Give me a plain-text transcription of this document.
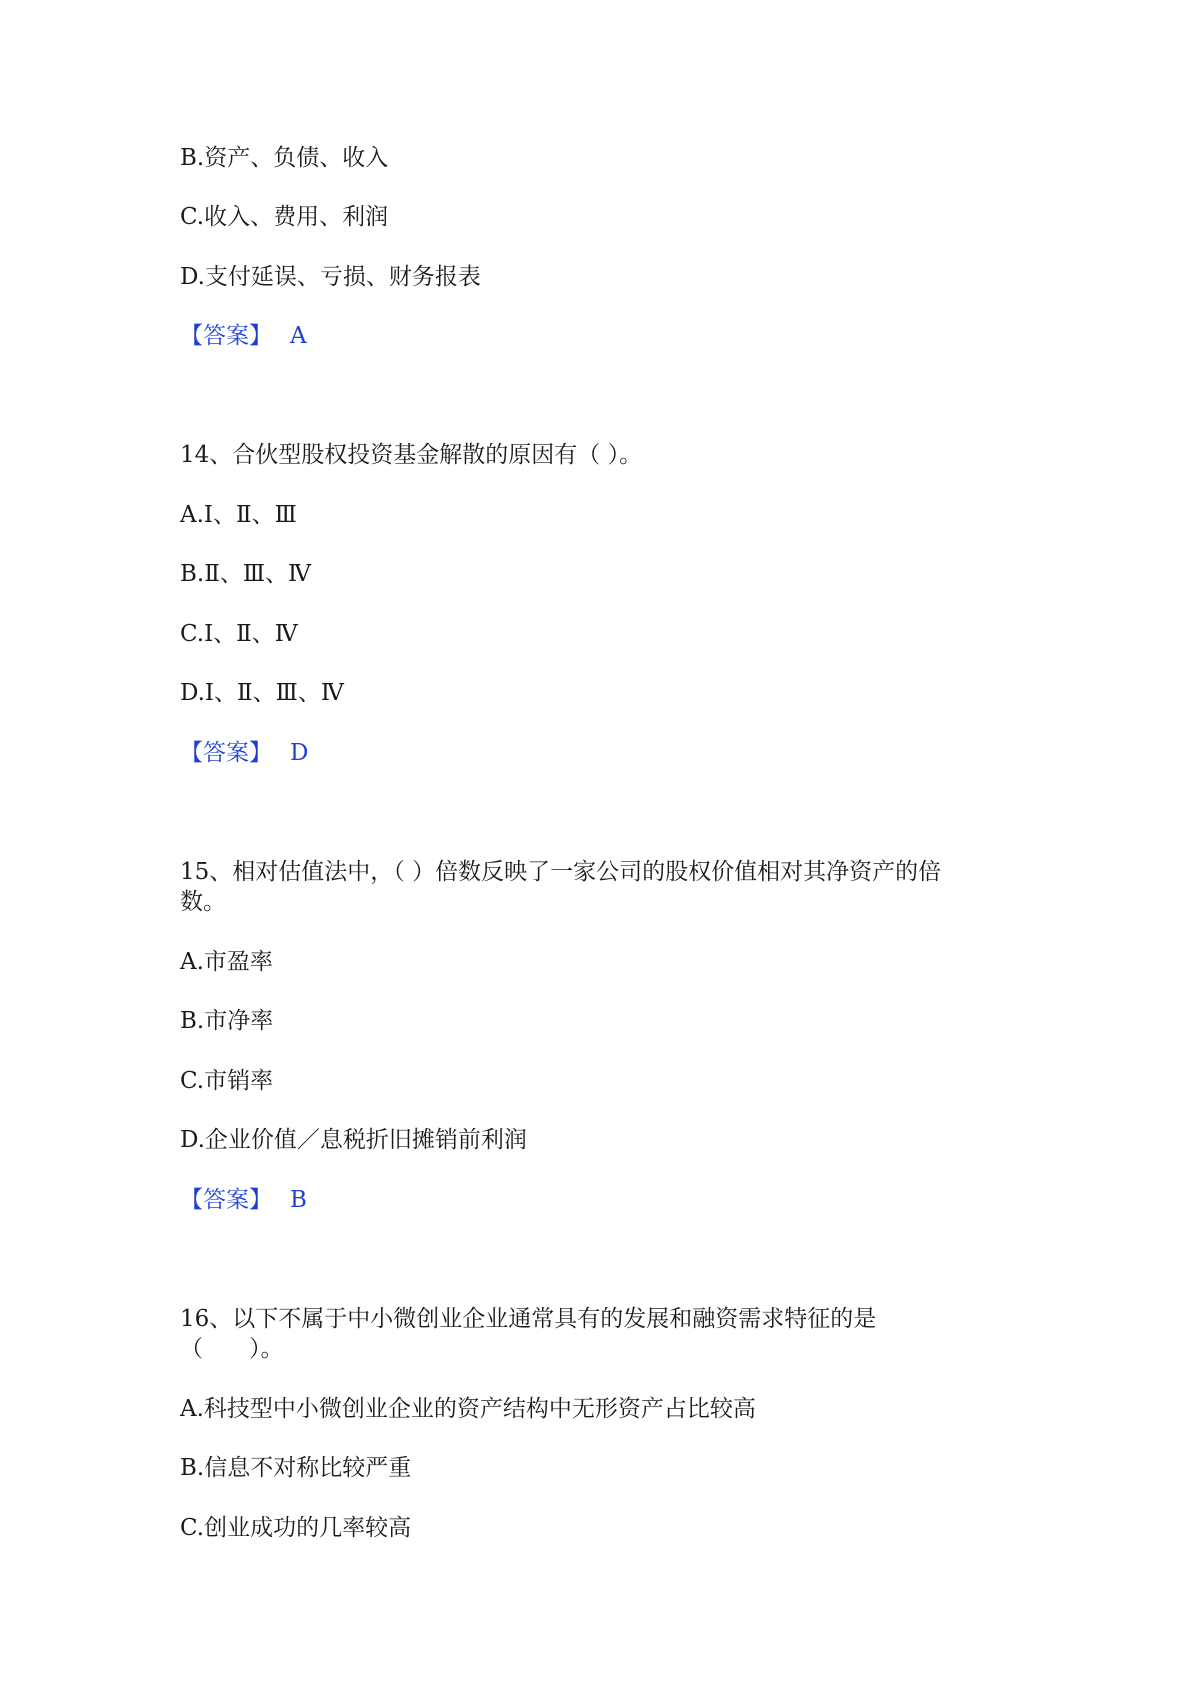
B.资产、负债、收入
C.收入、费用、利润
D.支付延误、亏损、财务报表
【答案】 A
14、合伙型股权投资基金解散的原因有（ ）。
A.Ⅰ、Ⅱ、Ⅲ
B.Ⅱ、Ⅲ、Ⅳ
C.Ⅰ、Ⅱ、Ⅳ
D.Ⅰ、Ⅱ、Ⅲ、Ⅳ
【答案】 D
15、相对估值法中，（ ）倍数反映了一家公司的股权价值相对其净资产的倍
数。
A.市盈率
B.市净率
C.市销率
D.企业价值／息税折旧摊销前利润
【答案】 B
16、以下不属于中小微创业企业通常具有的发展和融资需求特征的是
（　　）。
A.科技型中小微创业企业的资产结构中无形资产占比较高
B.信息不对称比较严重
C.创业成功的几率较高
